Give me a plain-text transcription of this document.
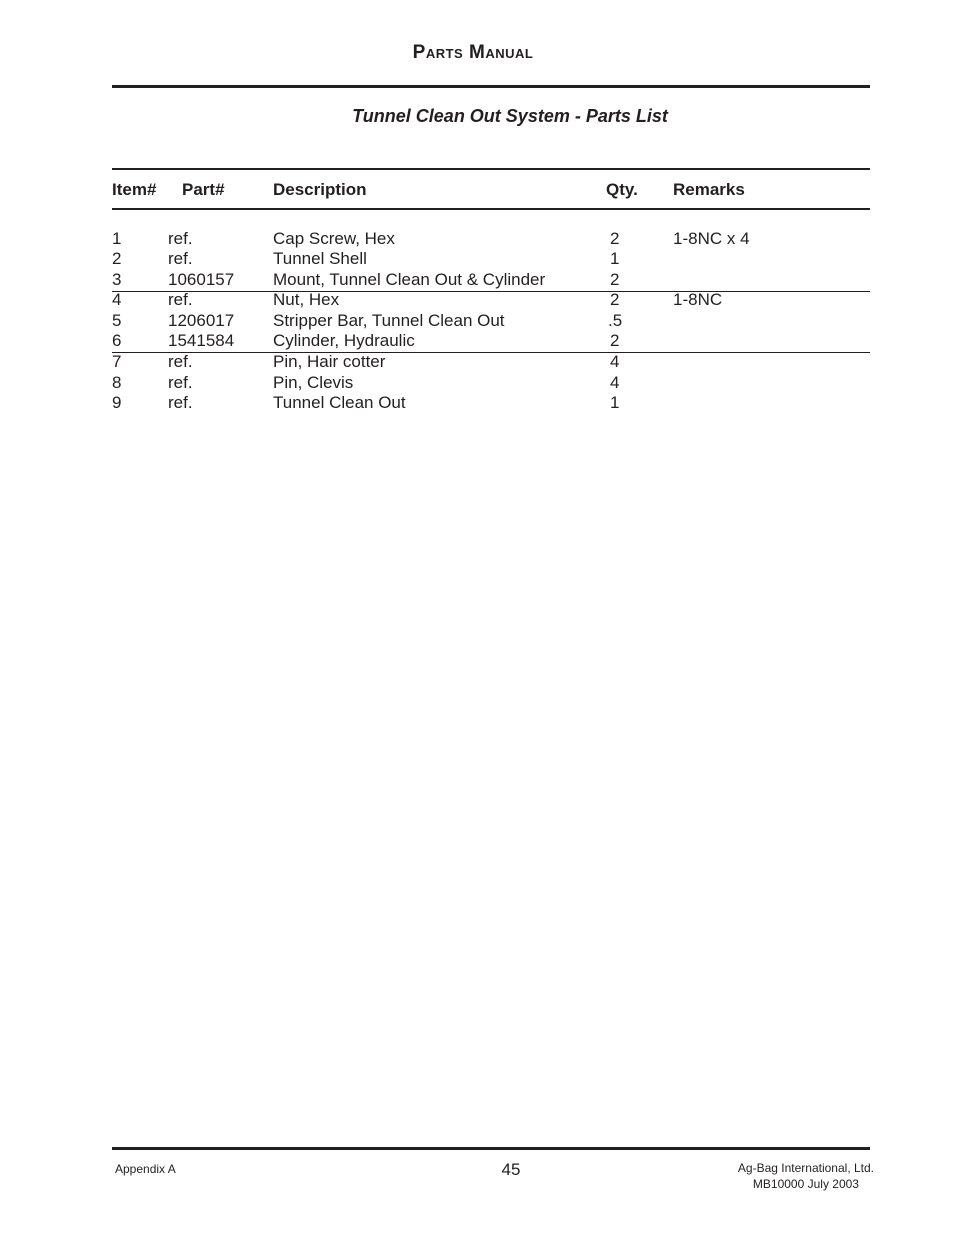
Parts Manual
Tunnel Clean Out System - Parts List
Item# Part#	Description	Qty. Remarks
1	ref.	Cap Screw, Hex	2	1-8NC x 4
2	ref.	Tunnel Shell	1
3	1060157 Mount, Tunnel Clean Out & Cylinder	2
4	ref.	Nut, Hex	2	1-8NC
5	1206017 Stripper Bar, Tunnel Clean Out	.5
6	1541584 Cylinder, Hydraulic	2
7	ref.	Pin, Hair cotter	4
8	ref.	Pin, Clevis	4
9	ref.	Tunnel Clean Out	1
Appendix A	45	Ag-Bag International, Ltd.
MB10000 July 2003
